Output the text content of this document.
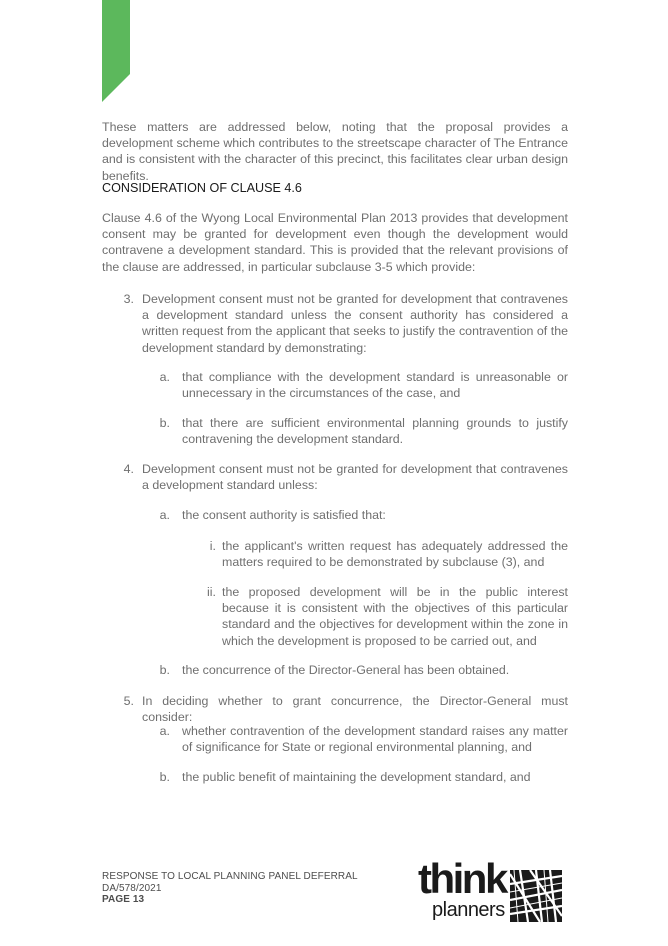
These matters are addressed below, noting that the proposal provides a development scheme which contributes to the streetscape character of The Entrance and is consistent with the character of this precinct, this facilitates clear urban design benefits.
CONSIDERATION OF CLAUSE 4.6
Clause 4.6 of the Wyong Local Environmental Plan 2013 provides that development consent may be granted for development even though the development would contravene a development standard. This is provided that the relevant provisions of the clause are addressed, in particular subclause 3-5 which provide:
3. Development consent must not be granted for development that contravenes a development standard unless the consent authority has considered a written request from the applicant that seeks to justify the contravention of the development standard by demonstrating:
a. that compliance with the development standard is unreasonable or unnecessary in the circumstances of the case, and
b. that there are sufficient environmental planning grounds to justify contravening the development standard.
4. Development consent must not be granted for development that contravenes a development standard unless:
a. the consent authority is satisfied that:
i. the applicant's written request has adequately addressed the matters required to be demonstrated by subclause (3), and
ii. the proposed development will be in the public interest because it is consistent with the objectives of this particular standard and the objectives for development within the zone in which the development is proposed to be carried out, and
b. the concurrence of the Director-General has been obtained.
5. In deciding whether to grant concurrence, the Director-General must consider:
a. whether contravention of the development standard raises any matter of significance for State or regional environmental planning, and
b. the public benefit of maintaining the development standard, and
RESPONSE TO LOCAL PLANNING PANEL DEFERRAL
DA/578/2021
PAGE 13	think
planners
